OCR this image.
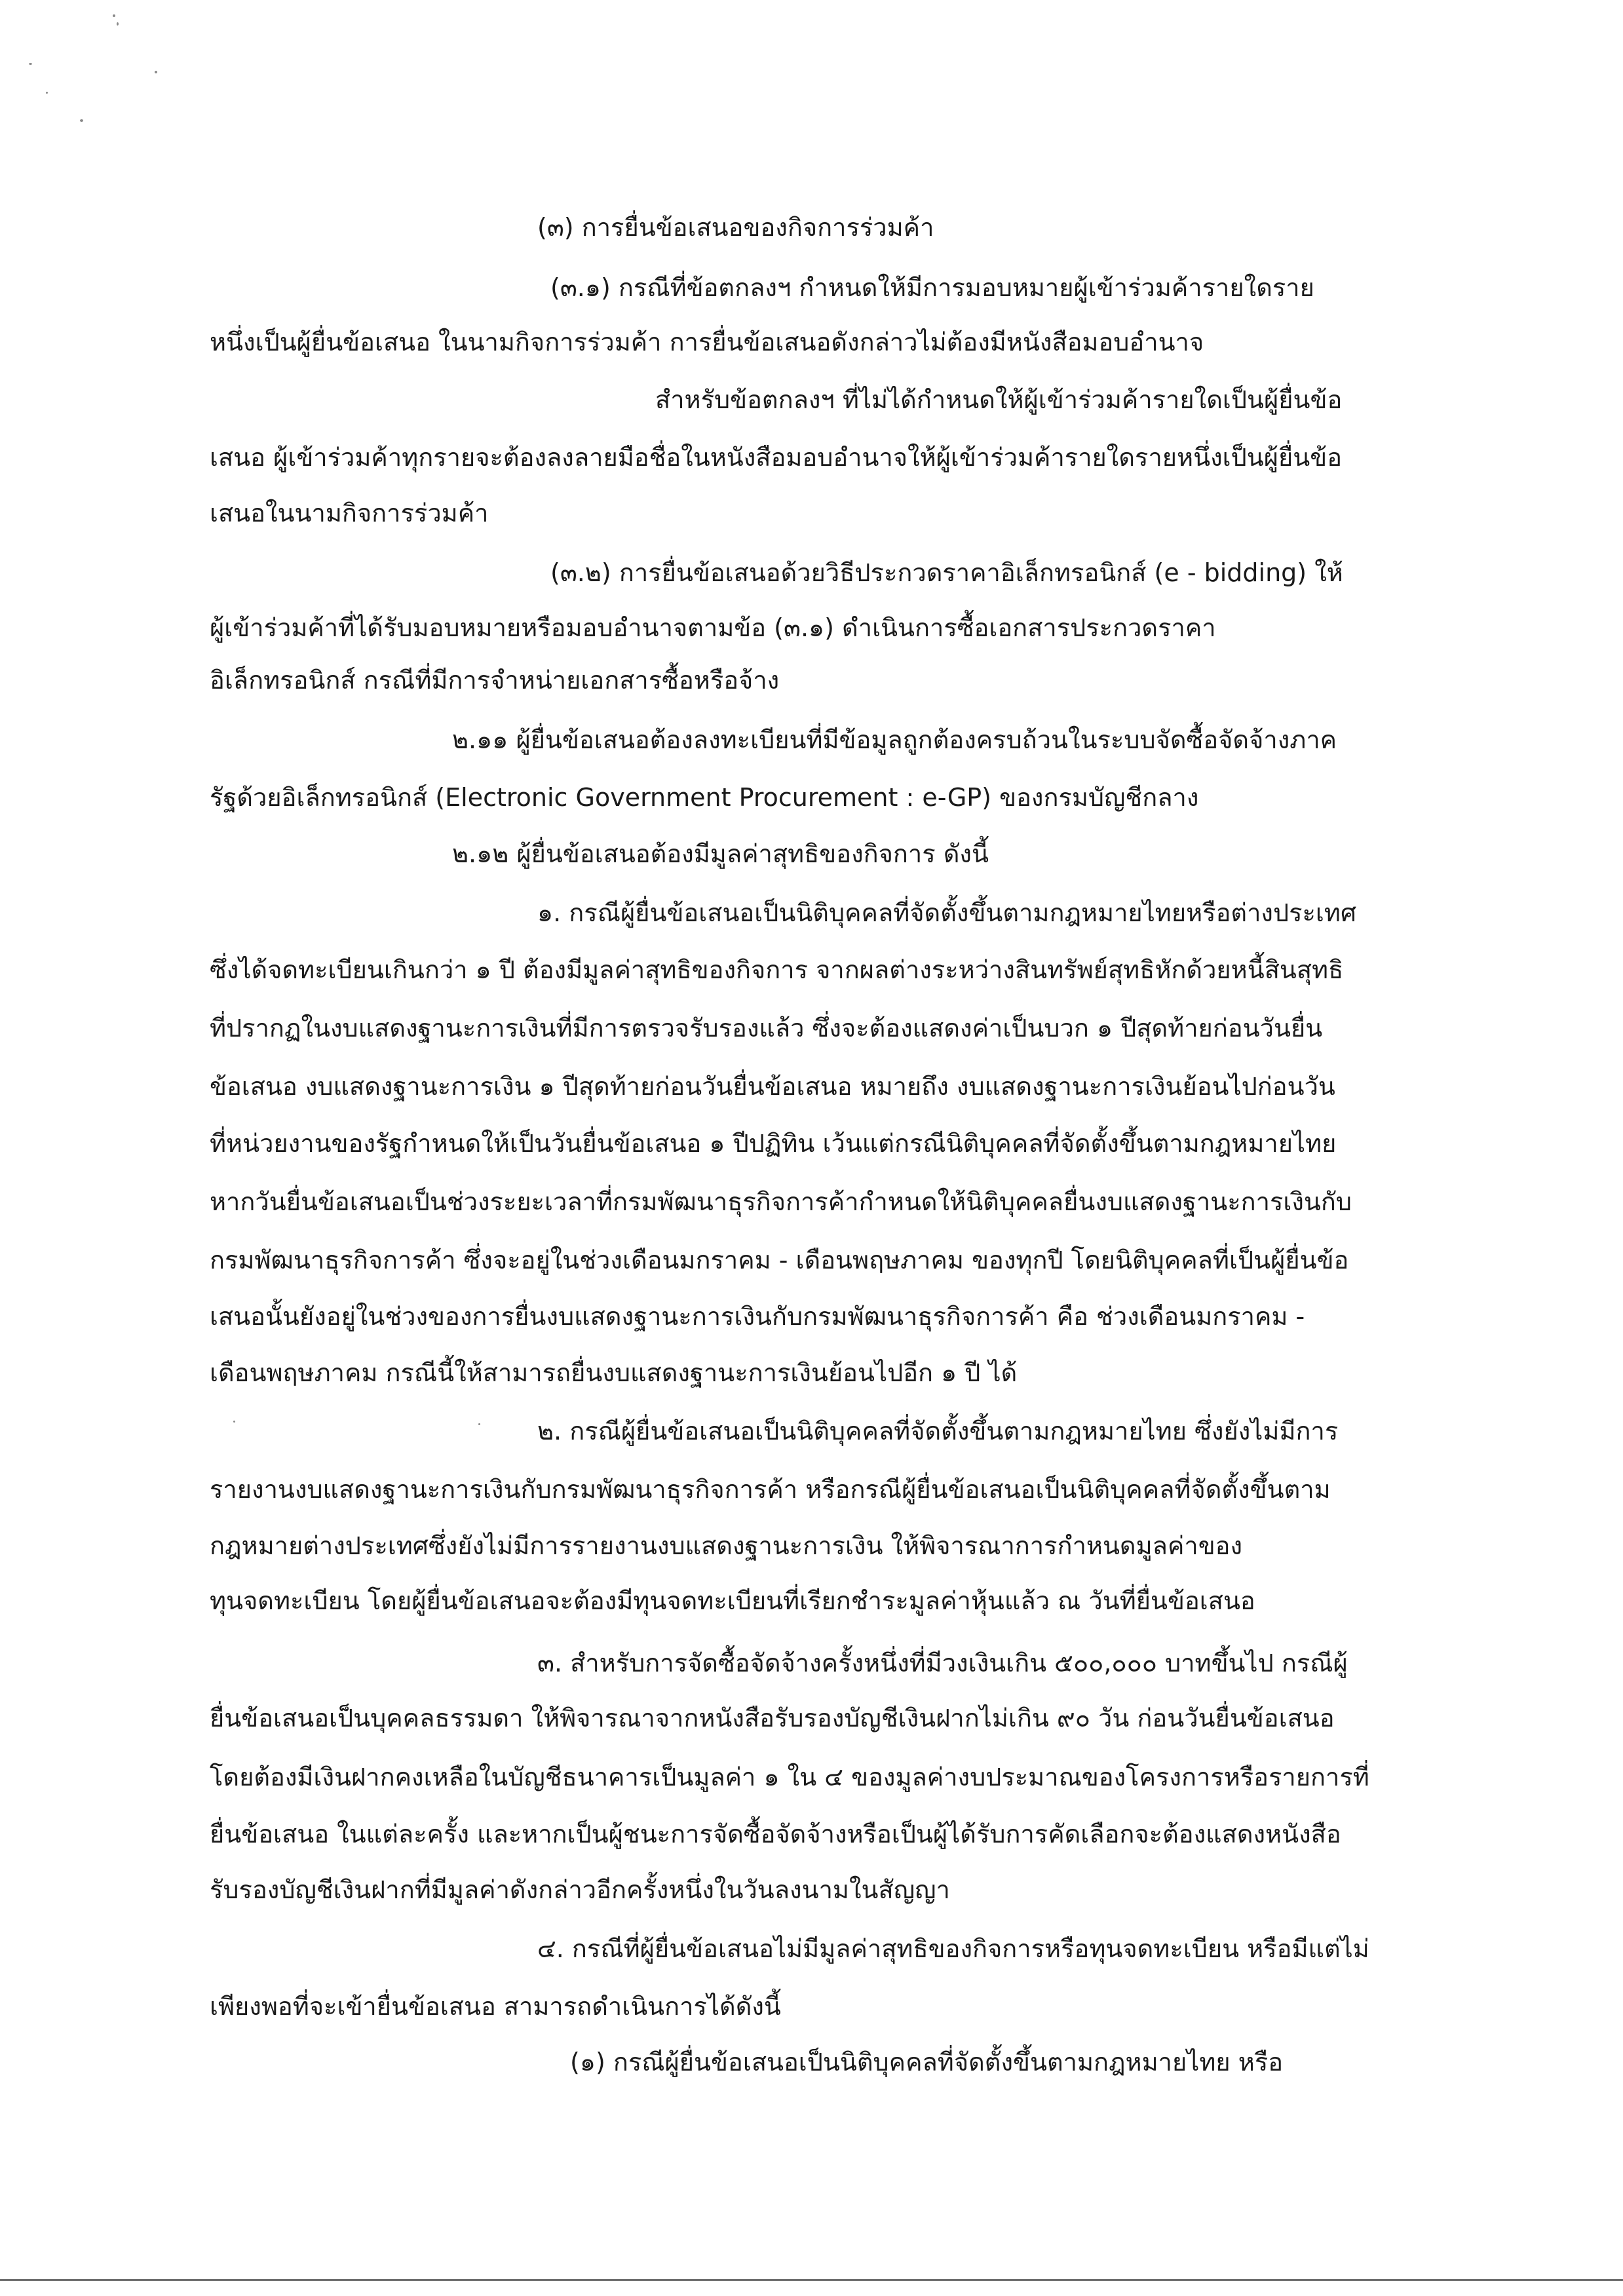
(๓) การยื่นข้อเสนอของกิจการร่วมค้า
(๓.๑) กรณีที่ข้อตกลงฯ กำหนดให้มีการมอบหมายผู้เข้าร่วมค้ารายใดราย
หนึ่งเป็นผู้ยื่นข้อเสนอ ในนามกิจการร่วมค้า การยื่นข้อเสนอดังกล่าวไม่ต้องมีหนังสือมอบอำนาจ
สำหรับข้อตกลงฯ ที่ไม่ได้กำหนดให้ผู้เข้าร่วมค้ารายใดเป็นผู้ยื่นข้อ
เสนอ ผู้เข้าร่วมค้าทุกรายจะต้องลงลายมือชื่อในหนังสือมอบอำนาจให้ผู้เข้าร่วมค้ารายใดรายหนึ่งเป็นผู้ยื่นข้อ
เสนอในนามกิจการร่วมค้า
(๓.๒) การยื่นข้อเสนอด้วยวิธีประกวดราคาอิเล็กทรอนิกส์ (e - bidding) ให้
ผู้เข้าร่วมค้าที่ได้รับมอบหมายหรือมอบอำนาจตามข้อ (๓.๑) ดำเนินการซื้อเอกสารประกวดราคา
อิเล็กทรอนิกส์ กรณีที่มีการจำหน่ายเอกสารซื้อหรือจ้าง
๒.๑๑ ผู้ยื่นข้อเสนอต้องลงทะเบียนที่มีข้อมูลถูกต้องครบถ้วนในระบบจัดซื้อจัดจ้างภาค
รัฐด้วยอิเล็กทรอนิกส์ (Electronic Government Procurement : e-GP) ของกรมบัญชีกลาง
๒.๑๒ ผู้ยื่นข้อเสนอต้องมีมูลค่าสุทธิของกิจการ ดังนี้
๑. กรณีผู้ยื่นข้อเสนอเป็นนิติบุคคลที่จัดตั้งขึ้นตามกฎหมายไทยหรือต่างประเทศ
ซึ่งได้จดทะเบียนเกินกว่า ๑ ปี ต้องมีมูลค่าสุทธิของกิจการ จากผลต่างระหว่างสินทรัพย์สุทธิหักด้วยหนี้สินสุทธิ
ที่ปรากฏในงบแสดงฐานะการเงินที่มีการตรวจรับรองแล้ว ซึ่งจะต้องแสดงค่าเป็นบวก ๑ ปีสุดท้ายก่อนวันยื่น
ข้อเสนอ งบแสดงฐานะการเงิน ๑ ปีสุดท้ายก่อนวันยื่นข้อเสนอ หมายถึง งบแสดงฐานะการเงินย้อนไปก่อนวัน
ที่หน่วยงานของรัฐกำหนดให้เป็นวันยื่นข้อเสนอ ๑ ปีปฏิทิน เว้นแต่กรณีนิติบุคคลที่จัดตั้งขึ้นตามกฎหมายไทย
หากวันยื่นข้อเสนอเป็นช่วงระยะเวลาที่กรมพัฒนาธุรกิจการค้ากำหนดให้นิติบุคคลยื่นงบแสดงฐานะการเงินกับ
กรมพัฒนาธุรกิจการค้า ซึ่งจะอยู่ในช่วงเดือนมกราคม - เดือนพฤษภาคม ของทุกปี โดยนิติบุคคลที่เป็นผู้ยื่นข้อ
เสนอนั้นยังอยู่ในช่วงของการยื่นงบแสดงฐานะการเงินกับกรมพัฒนาธุรกิจการค้า คือ ช่วงเดือนมกราคม -
เดือนพฤษภาคม กรณีนี้ให้สามารถยื่นงบแสดงฐานะการเงินย้อนไปอีก ๑ ปี ได้
๒. กรณีผู้ยื่นข้อเสนอเป็นนิติบุคคลที่จัดตั้งขึ้นตามกฎหมายไทย ซึ่งยังไม่มีการ
รายงานงบแสดงฐานะการเงินกับกรมพัฒนาธุรกิจการค้า หรือกรณีผู้ยื่นข้อเสนอเป็นนิติบุคคลที่จัดตั้งขึ้นตาม
กฎหมายต่างประเทศซึ่งยังไม่มีการรายงานงบแสดงฐานะการเงิน ให้พิจารณาการกำหนดมูลค่าของ
ทุนจดทะเบียน โดยผู้ยื่นข้อเสนอจะต้องมีทุนจดทะเบียนที่เรียกชำระมูลค่าหุ้นแล้ว ณ วันที่ยื่นข้อเสนอ
๓. สำหรับการจัดซื้อจัดจ้างครั้งหนึ่งที่มีวงเงินเกิน ๕๐๐,๐๐๐ บาทขึ้นไป กรณีผู้
ยื่นข้อเสนอเป็นบุคคลธรรมดา ให้พิจารณาจากหนังสือรับรองบัญชีเงินฝากไม่เกิน ๙๐ วัน ก่อนวันยื่นข้อเสนอ
โดยต้องมีเงินฝากคงเหลือในบัญชีธนาคารเป็นมูลค่า ๑ ใน ๔ ของมูลค่างบประมาณของโครงการหรือรายการที่
ยื่นข้อเสนอ ในแต่ละครั้ง และหากเป็นผู้ชนะการจัดซื้อจัดจ้างหรือเป็นผู้ได้รับการคัดเลือกจะต้องแสดงหนังสือ
รับรองบัญชีเงินฝากที่มีมูลค่าดังกล่าวอีกครั้งหนึ่งในวันลงนามในสัญญา
๔. กรณีที่ผู้ยื่นข้อเสนอไม่มีมูลค่าสุทธิของกิจการหรือทุนจดทะเบียน หรือมีแต่ไม่
เพียงพอที่จะเข้ายื่นข้อเสนอ สามารถดำเนินการได้ดังนี้
(๑) กรณีผู้ยื่นข้อเสนอเป็นนิติบุคคลที่จัดตั้งขึ้นตามกฎหมายไทย หรือ
